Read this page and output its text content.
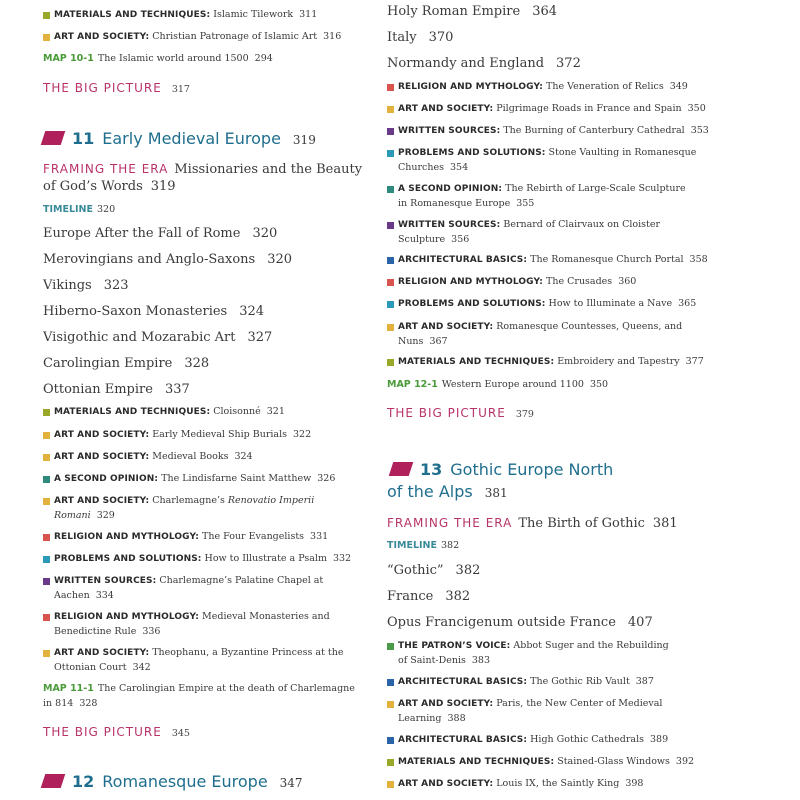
MATERIALS AND TECHNIQUES: Islamic Tilework 311
ART AND SOCIETY: Christian Patronage of Islamic Art 316
MAP 10-1 The Islamic world around 1500 294
THE BIG PICTURE 317
11 Early Medieval Europe 319
FRAMING THE ERA Missionaries and the Beauty
of God’s Words 319
TIMELINE 320
Europe After the Fall of Rome 320
Merovingians and Anglo-Saxons 320
Vikings 323
Hiberno-Saxon Monasteries 324
Visigothic and Mozarabic Art 327
Carolingian Empire 328
Ottonian Empire 337
MATERIALS AND TECHNIQUES: Cloisonné 321
ART AND SOCIETY: Early Medieval Ship Burials 322
ART AND SOCIETY: Medieval Books 324
A SECOND OPINION: The Lindisfarne Saint Matthew 326
ART AND SOCIETY: Charlemagne’s Renovatio Imperii
Romani 329
RELIGION AND MYTHOLOGY: The Four Evangelists 331
PROBLEMS AND SOLUTIONS: How to Illustrate a Psalm 332
WRITTEN SOURCES: Charlemagne’s Palatine Chapel at
Aachen 334
RELIGION AND MYTHOLOGY: Medieval Monasteries and
Benedictine Rule 336
ART AND SOCIETY: Theophanu, a Byzantine Princess at the
Ottonian Court 342
MAP 11-1 The Carolingian Empire at the death of Charlemagne
in 814 328
THE BIG PICTURE 345
12 Romanesque Europe 347
Holy Roman Empire 364
Italy 370
Normandy and England 372
RELIGION AND MYTHOLOGY: The Veneration of Relics 349
ART AND SOCIETY: Pilgrimage Roads in France and Spain 350
WRITTEN SOURCES: The Burning of Canterbury Cathedral 353
PROBLEMS AND SOLUTIONS: Stone Vaulting in Romanesque
Churches 354
A SECOND OPINION: The Rebirth of Large-Scale Sculpture
in Romanesque Europe 355
WRITTEN SOURCES: Bernard of Clairvaux on Cloister
Sculpture 356
ARCHITECTURAL BASICS: The Romanesque Church Portal 358
RELIGION AND MYTHOLOGY: The Crusades 360
PROBLEMS AND SOLUTIONS: How to Illuminate a Nave 365
ART AND SOCIETY: Romanesque Countesses, Queens, and
Nuns 367
MATERIALS AND TECHNIQUES: Embroidery and Tapestry 377
MAP 12-1 Western Europe around 1100 350
THE BIG PICTURE 379
13 Gothic Europe North
of the Alps 381
FRAMING THE ERA The Birth of Gothic 381
TIMELINE 382
“Gothic” 382
France 382
Opus Francigenum outside France 407
THE PATRON’S VOICE: Abbot Suger and the Rebuilding
of Saint-Denis 383
ARCHITECTURAL BASICS: The Gothic Rib Vault 387
ART AND SOCIETY: Paris, the New Center of Medieval
Learning 388
ARCHITECTURAL BASICS: High Gothic Cathedrals 389
MATERIALS AND TECHNIQUES: Stained-Glass Windows 392
ART AND SOCIETY: Louis IX, the Saintly King 398
